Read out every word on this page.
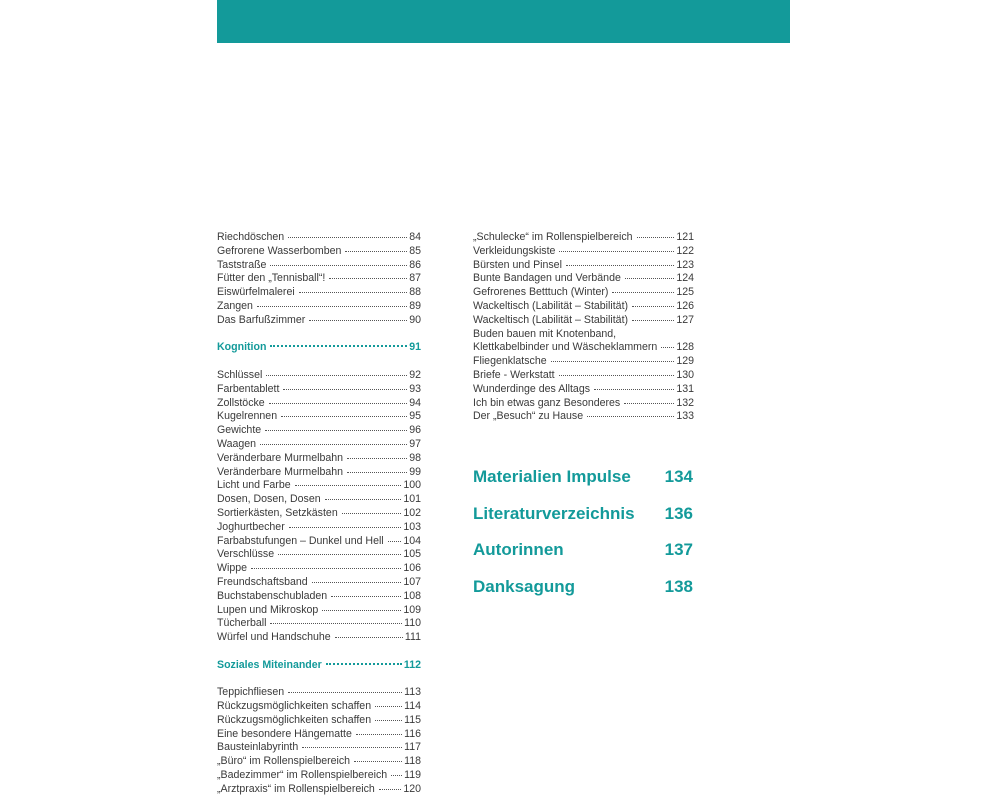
Riechdöschen	84
Gefrorene Wasserbomben	85
Taststraße	86
Fütter den „Tennisball“!	87
Eiswürfelmalerei	88
Zangen	89
Das Barfußzimmer	90
Kognition	91
Schlüssel	92
Farbentablett	93
Zollstöcke	94
Kugelrennen	95
Gewichte	96
Waagen	97
Veränderbare Murmelbahn	98
Veränderbare Murmelbahn	99
Licht und Farbe	100
Dosen, Dosen, Dosen	101
Sortierkästen, Setzkästen	102
Joghurtbecher	103
Farbabstufungen – Dunkel und Hell 104
Verschlüsse	105
Wippe	106
Freundschaftsband	107
Buchstabenschubladen	108
Lupen und Mikroskop	109
Tücherball	110
Würfel und Handschuhe	111
Soziales Miteinander	112
Teppichfliesen	113
Rückzugsmöglichkeiten schaffen	114
Rückzugsmöglichkeiten schaffen	115
Eine besondere Hängematte	116
Bausteinlabyrinth	117
„Büro“ im Rollenspielbereich	118
„Badezimmer“ im Rollenspielbereich 119
„Arztpraxis“ im Rollenspielbereich	120
„Schulecke“ im Rollenspielbereich	121
Verkleidungskiste	122
Bürsten und Pinsel	123
Bunte Bandagen und Verbände	124
Gefrorenes Betttuch (Winter)	125
Wackeltisch (Labilität – Stabilität)	126
Wackeltisch (Labilität – Stabilität)	127
Buden bauen mit Knotenband,
Klettkabelbinder und Wäscheklammern 128
Fliegenklatsche	129
Briefe - Werkstatt	130
Wunderdinge des Alltags	131
Ich bin etwas ganz Besonderes	132
Der „Besuch“ zu Hause	133
Materialien Impulse 134
Literaturverzeichnis 136
Autorinnen	137
Danksagung	138
